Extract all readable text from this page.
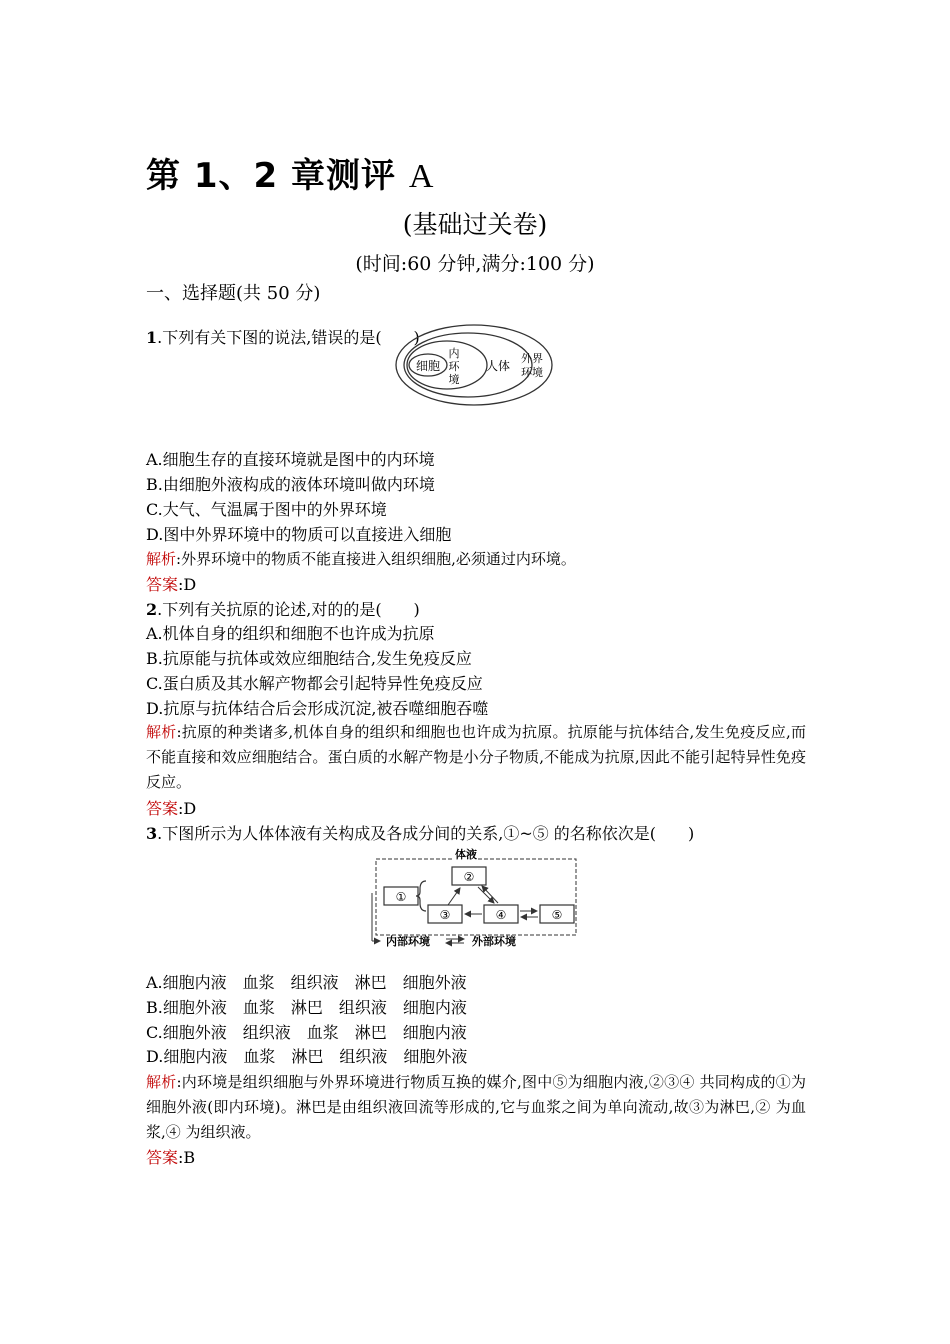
第 1、2 章测评 A
(基础过关卷)
(时间:60 分钟,满分:100 分)
一、选择题(共 50 分)
1.下列有关下图的说法,错误的是(　　)
细胞
内
环
境
人体
外界
环境
A.细胞生存的直接环境就是图中的内环境
B.由细胞外液构成的液体环境叫做内环境
C.大气、气温属于图中的外界环境
D.图中外界环境中的物质可以直接进入细胞
解析:外界环境中的物质不能直接进入组织细胞,必须通过内环境。
答案:D
2.下列有关抗原的论述,对的的是(　　)
A.机体自身的组织和细胞不也许成为抗原
B.抗原能与抗体或效应细胞结合,发生免疫反应
C.蛋白质及其水解产物都会引起特异性免疫反应
D.抗原与抗体结合后会形成沉淀,被吞噬细胞吞噬
解析:抗原的种类诸多,机体自身的组织和细胞也也许成为抗原。抗原能与抗体结合,发生免疫反应,而不能直接和效应细胞结合。蛋白质的水解产物是小分子物质,不能成为抗原,因此不能引起特异性免疫反应。
答案:D
3.下图所示为人体体液有关构成及各成分间的关系,①~⑤ 的名称依次是(　　)
体液
①
②
③	④	⑤
内部环境	外部环境
A.细胞内液　血浆　组织液　淋巴　细胞外液
B.细胞外液　血浆　淋巴　组织液　细胞内液
C.细胞外液　组织液　血浆　淋巴　细胞内液
D.细胞内液　血浆　淋巴　组织液　细胞外液
解析:内环境是组织细胞与外界环境进行物质互换的媒介,图中⑤为细胞内液,②③④ 共同构成的①为细胞外液(即内环境)。淋巴是由组织液回流等形成的,它与血浆之间为单向流动,故③为淋巴,② 为血浆,④ 为组织液。
答案:B
